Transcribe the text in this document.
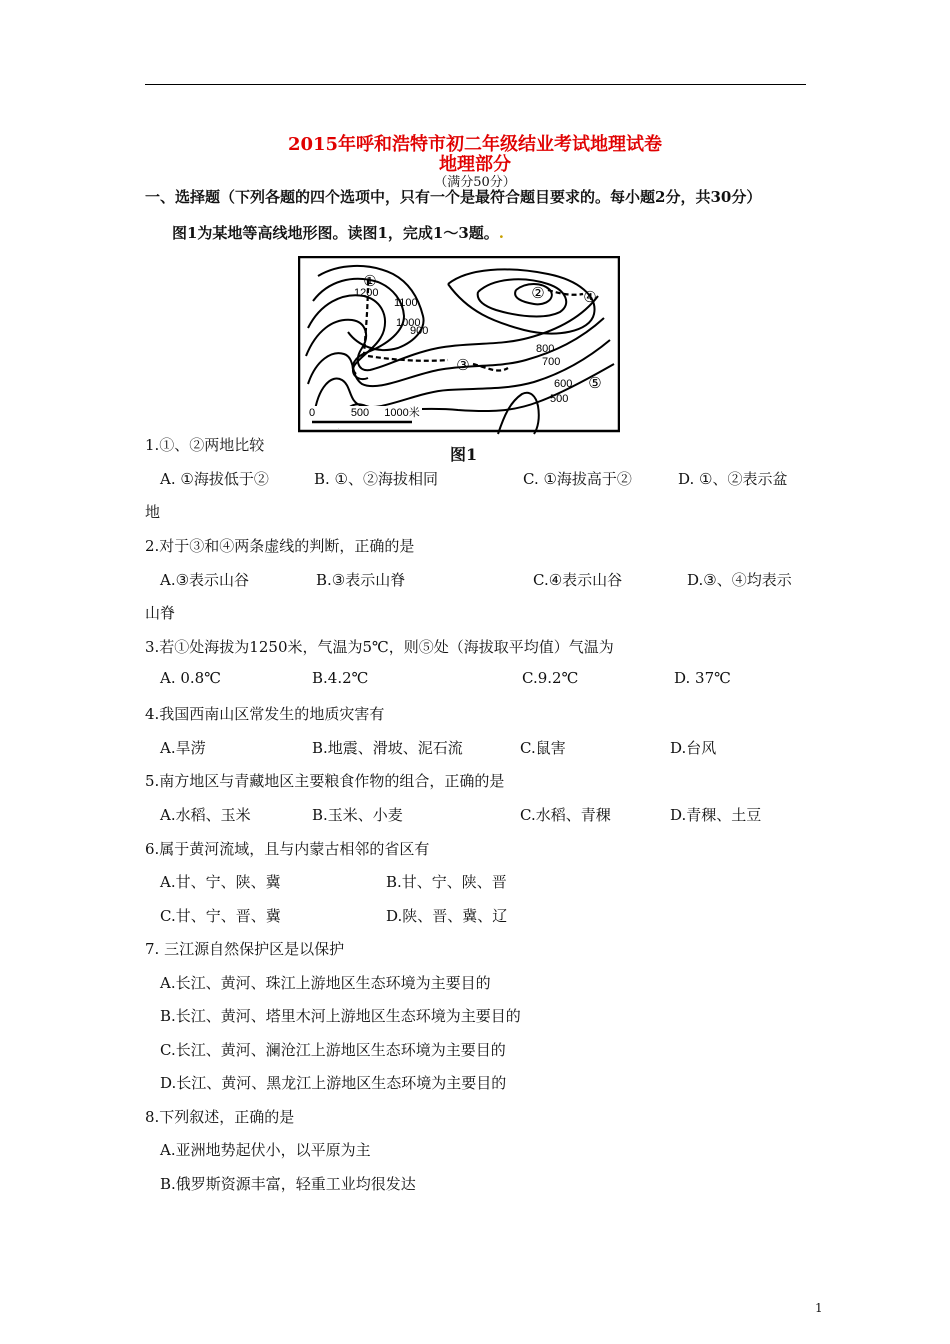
2015年呼和浩特市初二年级结业考试地理试卷
地理部分
（满分50分）
一、选择题（下列各题的四个选项中，只有一个是最符合题目要求的。每小题2分，共30分）
图1为某地等高线地形图。读图1，完成1～3题。.
①
②
③
④
⑤
1200
1100
1000
900
800
700
600
500
0	500 1000米
图1
1.①、②两地比较
A. ①海拔低于②	B. ①、②海拔相同	C. ①海拔高于②	D. ①、②表示盆
地
2.对于③和④两条虚线的判断，正确的是
A.③表示山谷	B.③表示山脊	C.④表示山谷	D.③、④均表示
山脊
3.若①处海拔为1250米，气温为5℃，则⑤处（海拔取平均值）气温为
A. 0.8℃	B.4.2℃	C.9.2℃	D. 37℃
4.我国西南山区常发生的地质灾害有
A.旱涝	B.地震、滑坡、泥石流	C.鼠害	D.台风
5.南方地区与青藏地区主要粮食作物的组合，正确的是
A.水稻、玉米	B.玉米、小麦	C.水稻、青稞	D.青稞、土豆
6.属于黄河流域，且与内蒙古相邻的省区有
A.甘、宁、陕、冀	B.甘、宁、陕、晋
C.甘、宁、晋、冀	D.陕、晋、冀、辽
7. 三江源自然保护区是以保护
A.长江、黄河、珠江上游地区生态环境为主要目的
B.长江、黄河、塔里木河上游地区生态环境为主要目的
C.长江、黄河、澜沧江上游地区生态环境为主要目的
D.长江、黄河、黑龙江上游地区生态环境为主要目的
8.下列叙述，正确的是
A.亚洲地势起伏小，以平原为主
B.俄罗斯资源丰富，轻重工业均很发达
1
